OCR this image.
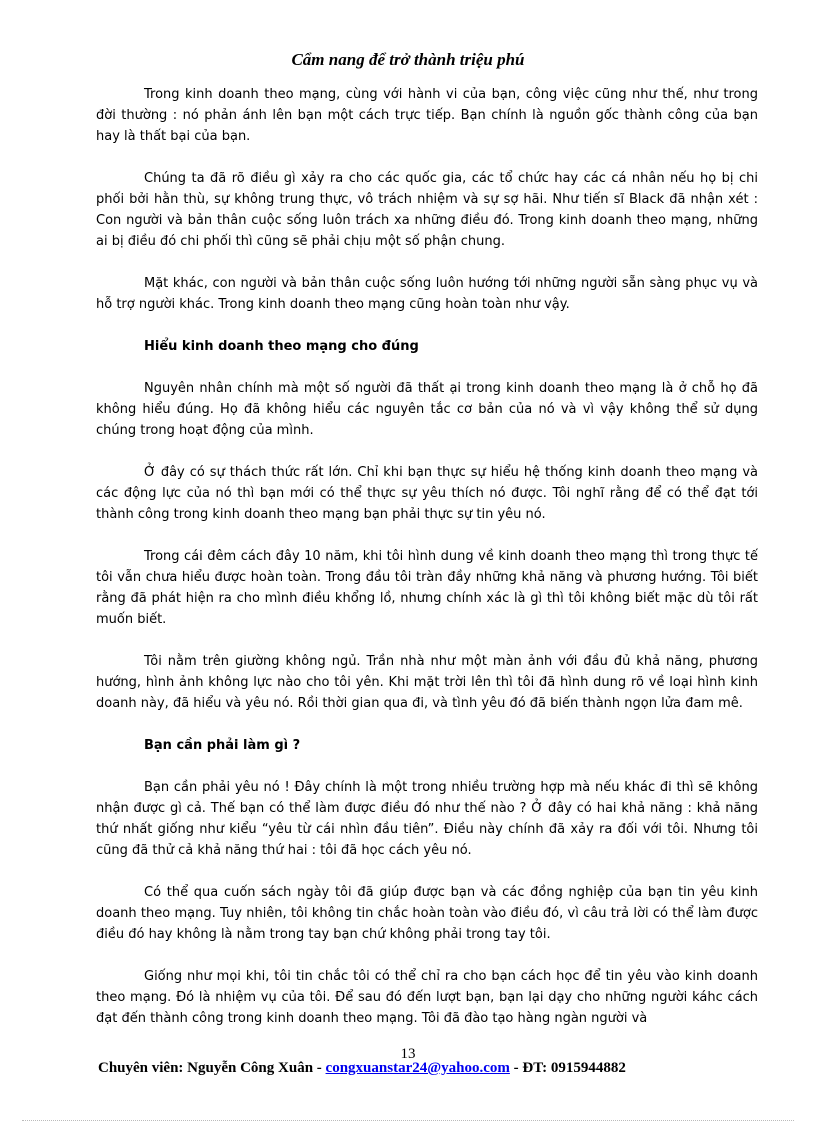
Cẩm nang để trở thành triệu phú

Trong kinh doanh theo mạng, cùng với hành vi của bạn, công việc cũng như thế, như trong đời thường : nó phản ánh lên bạn một cách trực tiếp. Bạn chính là nguồn gốc thành công của bạn hay là thất bại của bạn.

Chúng ta đã rõ điều gì xảy ra cho các quốc gia, các tổ chức hay các cá nhân nếu họ bị chi phối bởi hằn thù, sự không trung thực, vô trách nhiệm và sự sợ hãi. Như tiến sĩ Black đã nhận xét : Con người và bản thân cuộc sống luôn trách xa những điều đó. Trong kinh doanh theo mạng, những ai bị điều đó chi phối thì cũng sẽ phải chịu một số phận chung.

Mặt khác, con người và bản thân cuộc sống luôn hướng tới những người sẵn sàng phục vụ và hỗ trợ người khác. Trong kinh doanh theo mạng cũng hoàn toàn như vậy.

Hiểu kinh doanh theo mạng cho đúng

Nguyên nhân chính mà một số người đã thất ại trong kinh doanh theo mạng là ở chỗ họ đã không hiểu đúng. Họ đã không hiểu các nguyên tắc cơ bản của nó và vì vậy không thể sử dụng chúng trong hoạt động của mình.

Ở đây có sự thách thức rất lớn. Chỉ khi bạn thực sự hiểu hệ thống kinh doanh theo mạng và các động lực của nó thì bạn mới có thể thực sự yêu thích nó được. Tôi nghĩ rằng để có thể đạt tới thành công trong kinh doanh theo mạng bạn phải thực sự tin yêu nó.

Trong cái đêm cách đây 10 năm, khi tôi hình dung về kinh doanh theo mạng thì trong thực tế tôi vẫn chưa hiểu được hoàn toàn. Trong đầu tôi tràn đầy những khả năng và phương hướng. Tôi biết rằng đã phát hiện ra cho mình điều khổng lồ, nhưng chính xác là gì thì tôi không biết mặc dù tôi rất muốn biết.

Tôi nằm trên giường không ngủ. Trần nhà như một màn ảnh với đầu đủ khả năng, phương hướng, hình ảnh không lực nào cho tôi yên. Khi mặt trời lên thì tôi đã hình dung rõ về loại hình kinh doanh này, đã hiểu và yêu nó. Rồi thời gian qua đi, và tình yêu đó đã biến thành ngọn lửa đam mê.

Bạn cần phải làm gì ?

Bạn cần phải yêu nó ! Đây chính là một trong nhiều trường hợp mà nếu khác đi thì sẽ không nhận được gì cả. Thế bạn có thể làm được điều đó như thế nào ? Ở đây có hai khả năng : khả năng thứ nhất giống như kiểu “yêu từ cái nhìn đầu tiên”. Điều này chính đã xảy ra đối với tôi. Nhưng tôi cũng đã thử cả khả năng thứ hai : tôi đã học cách yêu nó.

Có thể qua cuốn sách ngày tôi đã giúp được bạn và các đồng nghiệp của bạn tin yêu kinh doanh theo mạng. Tuy nhiên, tôi không tin chắc hoàn toàn vào điều đó, vì câu trả lời có thể làm được điều đó hay không là nằm trong tay bạn chứ không phải trong tay tôi.

Giống như mọi khi, tôi tin chắc tôi có thể chỉ ra cho bạn cách học để tin yêu vào kinh doanh theo mạng. Đó là nhiệm vụ của tôi. Để sau đó đến lượt bạn, bạn lại dạy cho những người káhc cách đạt đến thành công trong kinh doanh theo mạng. Tôi đã đào tạo hàng ngàn người và

13
Chuyên viên: Nguyễn Công Xuân - congxuanstar24@yahoo.com - ĐT: 0915944882
